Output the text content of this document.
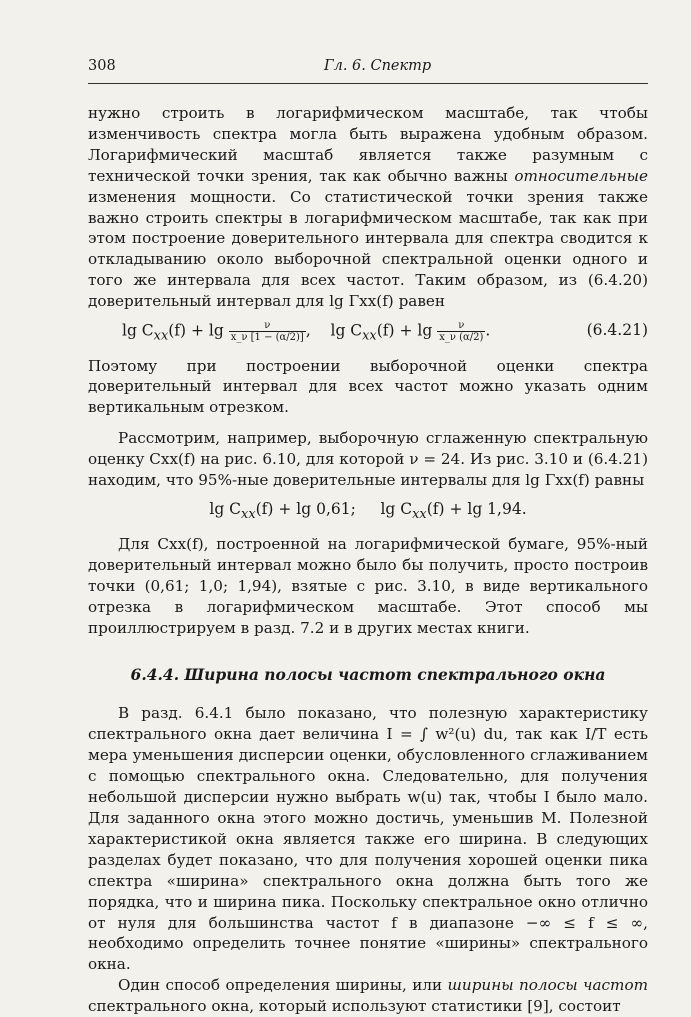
308	Гл. 6. Спектр

нужно строить в логарифмическом масштабе, так чтобы изменчивость спектра могла быть выражена удобным образом. Логарифмический масштаб является также разумным с технической точки зрения, так как обычно важны относительные изменения мощности. Со статистической точки зрения также важно строить спектры в логарифмическом масштабе, так как при этом построение доверительного интервала для спектра сводится к откладыванию около выборочной спектральной оценки одного и того же интервала для всех частот. Таким образом, из (6.4.20) доверительный интервал для lg Γxx(f) равен

$\lg C_{xx}(f) + \lg \frac{\nu}{x\_\nu [1 - (\alpha/2)]}$ , $\lg C_{xx}(f) + \lg \frac{\nu}{x\_\nu (\alpha/2)}$ .	(6.4.21)

Поэтому при построении выборочной оценки спектра доверительный интервал для всех частот можно указать одним вертикальным отрезком.

Рассмотрим, например, выборочную сглаженную спектральную оценку Cxx(f) на рис. 6.10, для которой ν = 24. Из рис. 3.10 и (6.4.21) находим, что 95%-ные доверительные интервалы для lg Γxx(f) равны

$\lg C_{xx}(f) + \lg 0,61$; $\lg C_{xx}(f) + \lg 1,94$.

Для Cxx(f), построенной на логарифмической бумаге, 95%-ный доверительный интервал можно было бы получить, просто построив точки (0,61; 1,0; 1,94), взятые с рис. 3.10, в виде вертикального отрезка в логарифмическом масштабе. Этот способ мы проиллюстрируем в разд. 7.2 и в других местах книги.

6.4.4. Ширина полосы частот спектрального окна

В разд. 6.4.1 было показано, что полезную характеристику спектрального окна дает величина I = ∫ w²(u) du, так как I/T есть мера уменьшения дисперсии оценки, обусловленного сглаживанием с помощью спектрального окна. Следовательно, для получения небольшой дисперсии нужно выбрать w(u) так, чтобы I было мало. Для заданного окна этого можно достичь, уменьшив M. Полезной характеристикой окна является также его ширина. В следующих разделах будет показано, что для получения хорошей оценки пика спектра «ширина» спектрального окна должна быть того же порядка, что и ширина пика. Поскольку спектральное окно отлично от нуля для большинства частот f в диапазоне −∞ ≤ f ≤ ∞, необходимо определить точнее понятие «ширины» спектрального окна.

Один способ определения ширины, или ширины полосы частот спектрального окна, который используют статистики [9], состоит
